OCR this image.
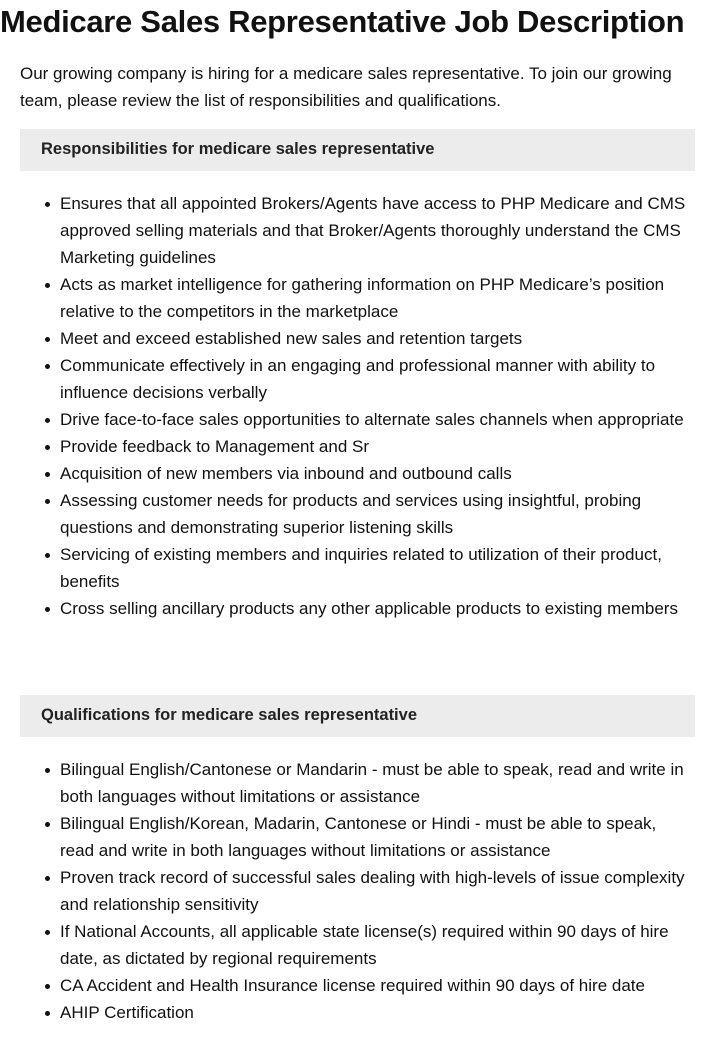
Medicare Sales Representative Job Description

Our growing company is hiring for a medicare sales representative. To join our growing team, please review the list of responsibilities and qualifications.

Responsibilities for medicare sales representative
Ensures that all appointed Brokers/Agents have access to PHP Medicare and CMS approved selling materials and that Broker/Agents thoroughly understand the CMS Marketing guidelines
Acts as market intelligence for gathering information on PHP Medicare’s position relative to the competitors in the marketplace
Meet and exceed established new sales and retention targets
Communicate effectively in an engaging and professional manner with ability to influence decisions verbally
Drive face-to-face sales opportunities to alternate sales channels when appropriate
Provide feedback to Management and Sr
Acquisition of new members via inbound and outbound calls
Assessing customer needs for products and services using insightful, probing questions and demonstrating superior listening skills
Servicing of existing members and inquiries related to utilization of their product, benefits
Cross selling ancillary products any other applicable products to existing members
Qualifications for medicare sales representative
Bilingual English/Cantonese or Mandarin - must be able to speak, read and write in both languages without limitations or assistance
Bilingual English/Korean, Madarin, Cantonese or Hindi - must be able to speak, read and write in both languages without limitations or assistance
Proven track record of successful sales dealing with high-levels of issue complexity and relationship sensitivity
If National Accounts, all applicable state license(s) required within 90 days of hire date, as dictated by regional requirements
CA Accident and Health Insurance license required within 90 days of hire date
AHIP Certification
